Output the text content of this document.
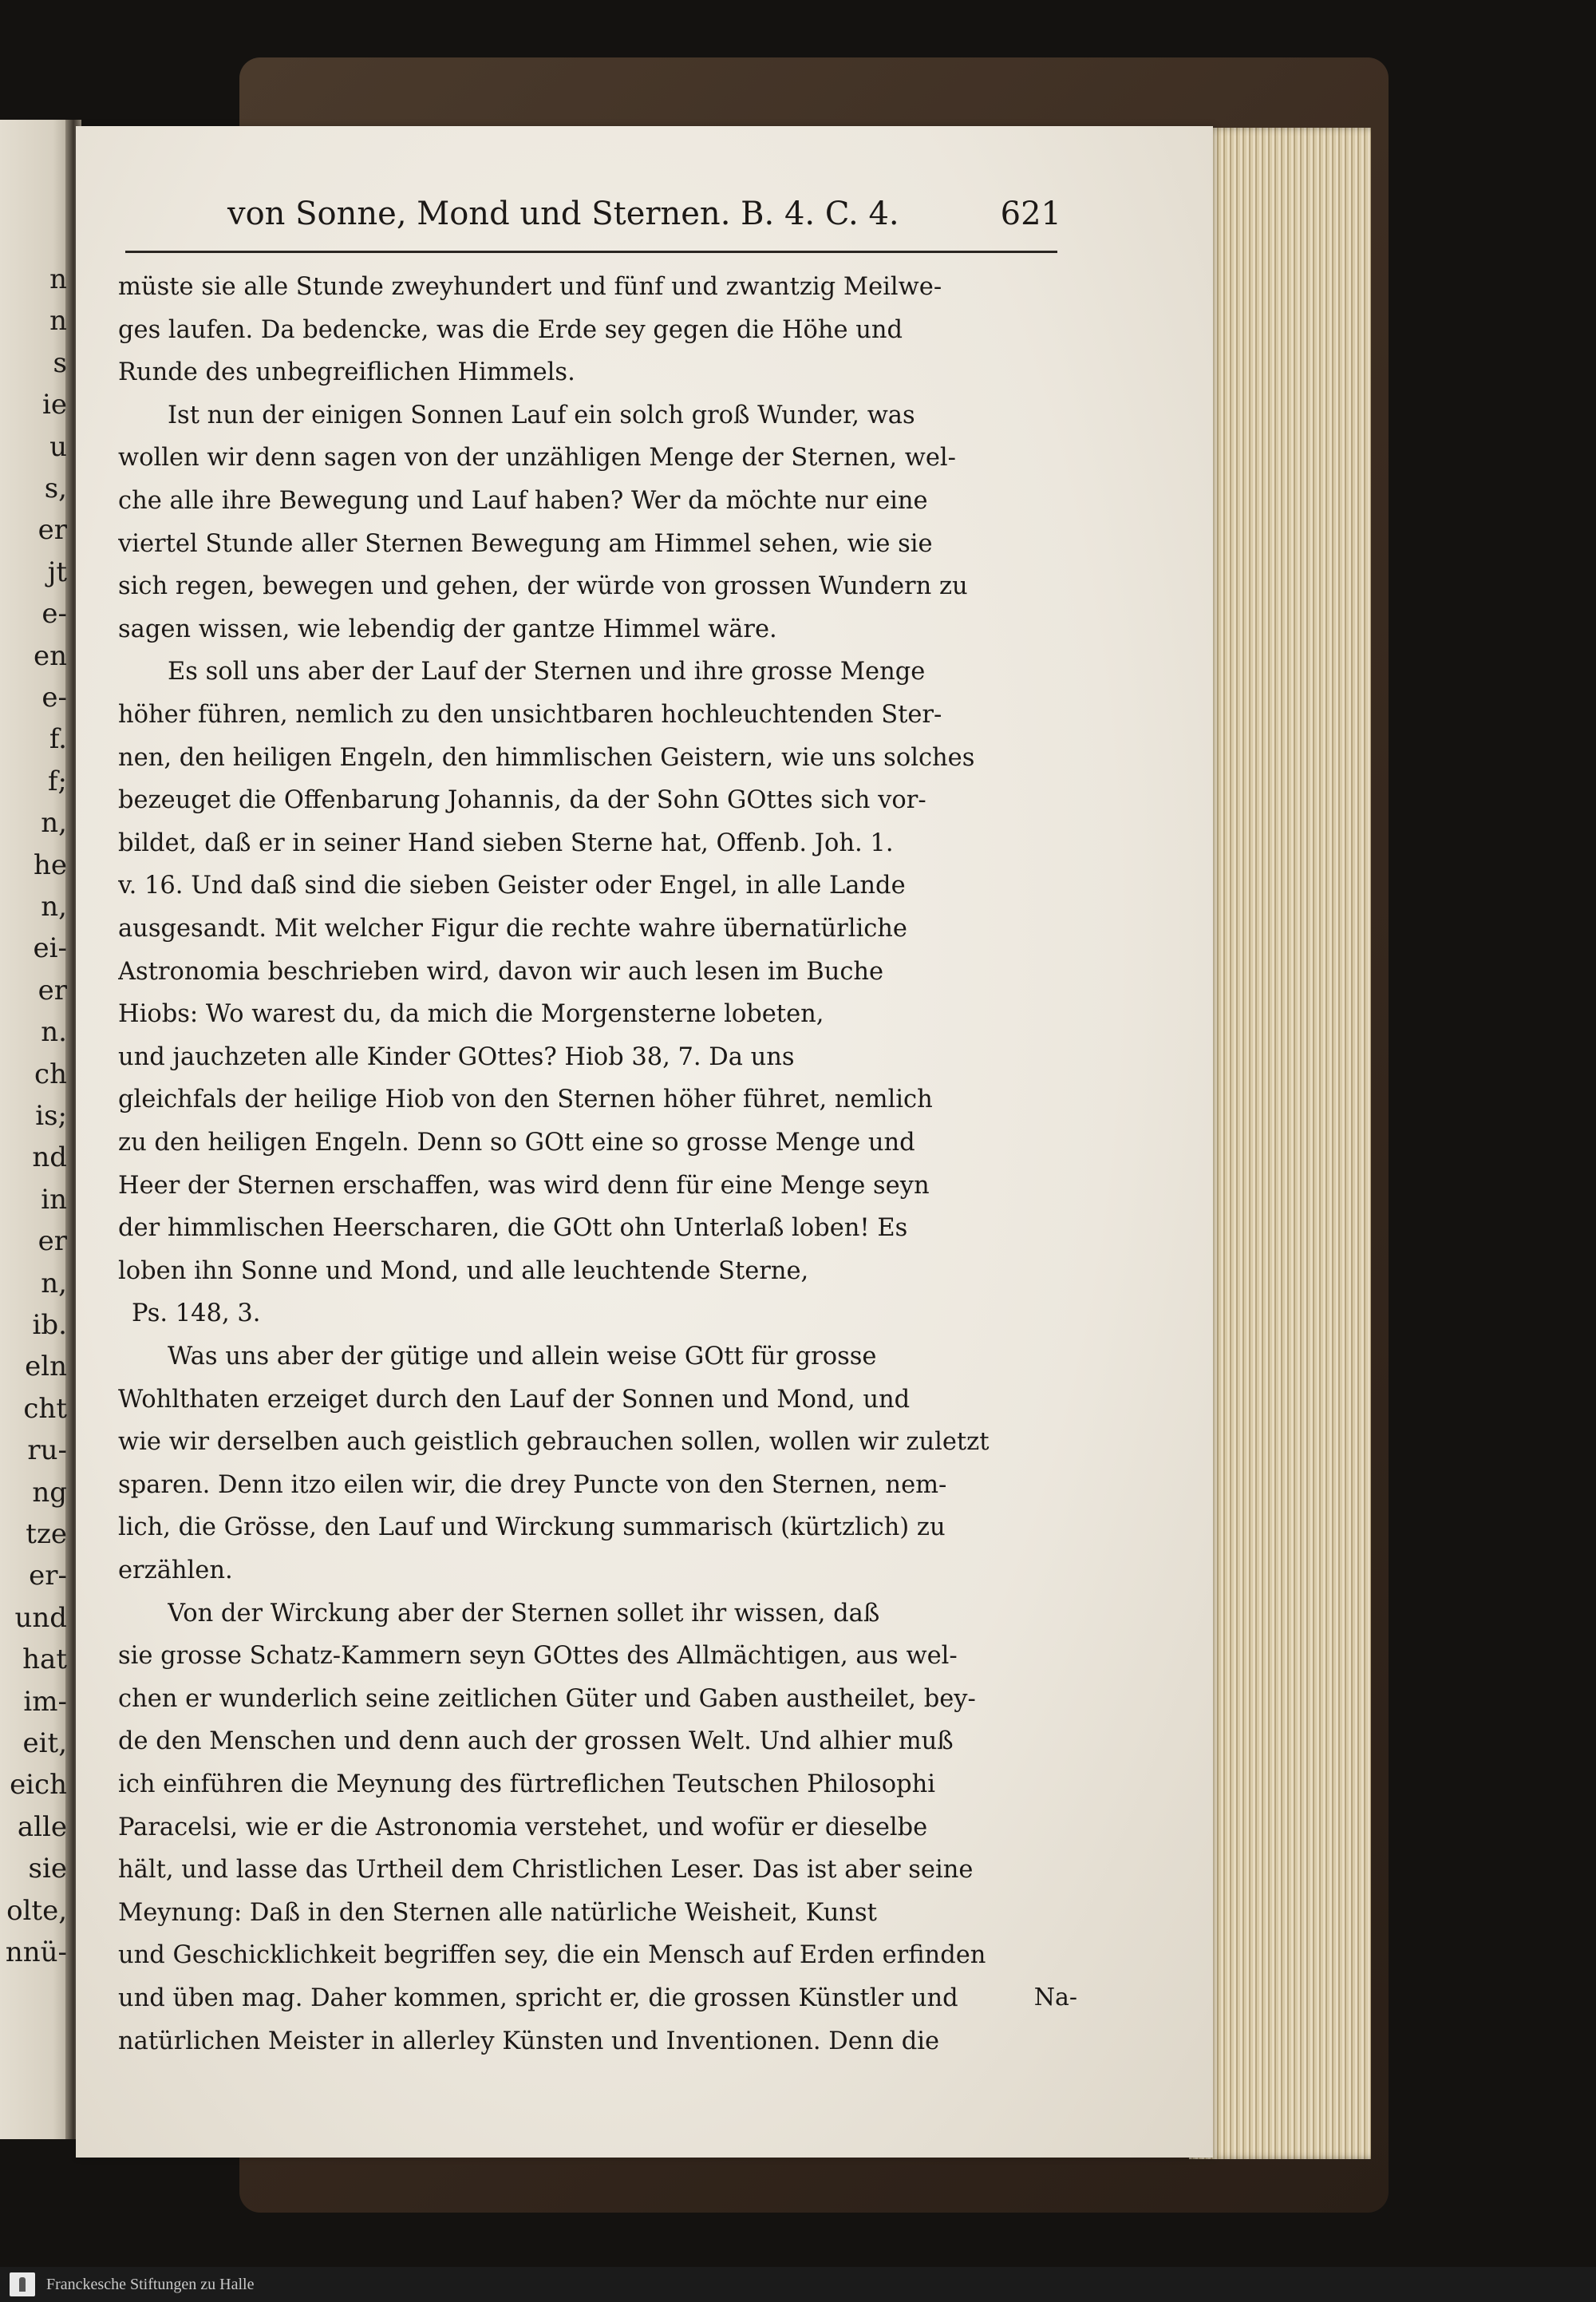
n
n
s
ie
u
s,
er
jt
e-
en
e-
f.
f;
n,
he
n,
ei-
er
n.
ch
is;
nd
in
er
n,
ib.
eln
cht
ru-
ng
tze
er-
und
hat
im-
eit,
eich
alle
sie
olte,
nnü-
von Sonne, Mond und Sternen. B. 4. C. 4.	621
müste sie alle Stunde zweyhundert und fünf und zwantzig Meilwe-
ges laufen. Da bedencke, was die Erde sey gegen die Höhe und
Runde des unbegreiflichen Himmels.
Ist nun der einigen Sonnen Lauf ein solch groß Wunder, was
wollen wir denn sagen von der unzähligen Menge der Sternen, wel-
che alle ihre Bewegung und Lauf haben? Wer da möchte nur eine
viertel Stunde aller Sternen Bewegung am Himmel sehen, wie sie
sich regen, bewegen und gehen, der würde von grossen Wundern zu
sagen wissen, wie lebendig der gantze Himmel wäre.
Es soll uns aber der Lauf der Sternen und ihre grosse Menge
höher führen, nemlich zu den unsichtbaren hochleuchtenden Ster-
nen, den heiligen Engeln, den himmlischen Geistern, wie uns solches
bezeuget die Offenbarung Johannis, da der Sohn GOttes sich vor-
bildet, daß er in seiner Hand sieben Sterne hat, Offenb. Joh. 1.
v. 16. Und daß sind die sieben Geister oder Engel, in alle Lande
ausgesandt. Mit welcher Figur die rechte wahre übernatürliche
Astronomia beschrieben wird, davon wir auch lesen im Buche
Hiobs: Wo warest du, da mich die Morgensterne lobeten,
und jauchzeten alle Kinder GOttes? Hiob 38, 7. Da uns
gleichfals der heilige Hiob von den Sternen höher führet, nemlich
zu den heiligen Engeln. Denn so GOtt eine so grosse Menge und
Heer der Sternen erschaffen, was wird denn für eine Menge seyn
der himmlischen Heerscharen, die GOtt ohn Unterlaß loben! Es
loben ihn Sonne und Mond, und alle leuchtende Sterne,
Ps. 148, 3.
Was uns aber der gütige und allein weise GOtt für grosse
Wohlthaten erzeiget durch den Lauf der Sonnen und Mond, und
wie wir derselben auch geistlich gebrauchen sollen, wollen wir zuletzt
sparen. Denn itzo eilen wir, die drey Puncte von den Sternen, nem-
lich, die Grösse, den Lauf und Wirckung summarisch (kürtzlich) zu
erzählen.
Von der Wirckung aber der Sternen sollet ihr wissen, daß
sie grosse Schatz-Kammern seyn GOttes des Allmächtigen, aus wel-
chen er wunderlich seine zeitlichen Güter und Gaben austheilet, bey-
de den Menschen und denn auch der grossen Welt. Und alhier muß
ich einführen die Meynung des fürtreflichen Teutschen Philosophi
Paracelsi, wie er die Astronomia verstehet, und wofür er dieselbe
hält, und lasse das Urtheil dem Christlichen Leser. Das ist aber seine
Meynung: Daß in den Sternen alle natürliche Weisheit, Kunst
und Geschicklichkeit begriffen sey, die ein Mensch auf Erden erfinden
und üben mag. Daher kommen, spricht er, die grossen Künstler und
natürlichen Meister in allerley Künsten und Inventionen. Denn die
Na-
Franckesche Stiftungen zu Halle
